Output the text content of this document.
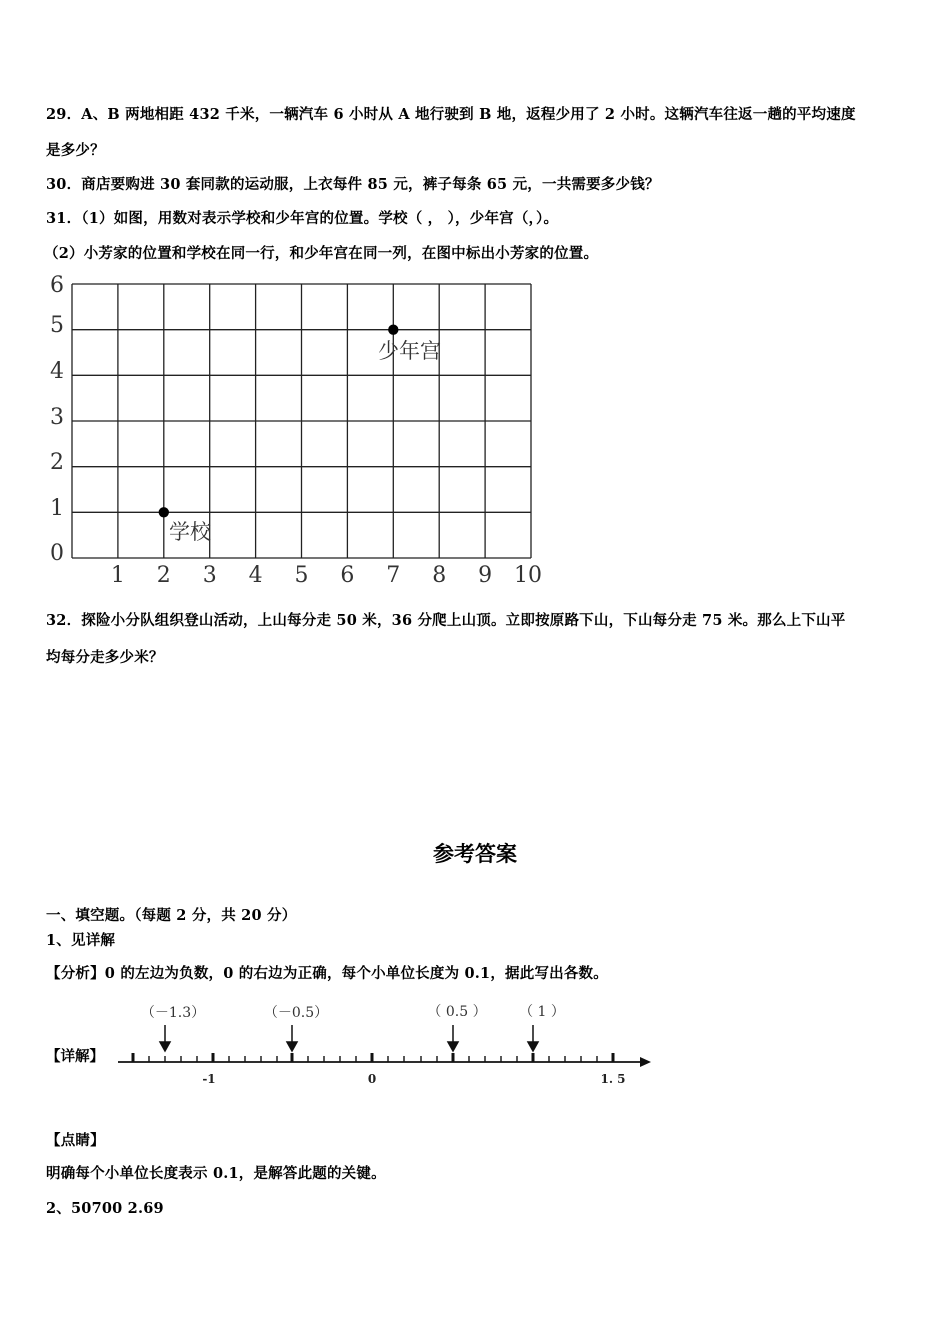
29．A、B 两地相距 432 千米，一辆汽车 6 小时从 A 地行驶到 B 地，返程少用了 2 小时。这辆汽车往返一趟的平均速度
是多少？
30．商店要购进 30 套同款的运动服，上衣每件 85 元，裤子每条 65 元，一共需要多少钱？
31．（1）如图，用数对表示学校和少年宫的位置。学校（ ， ），少年宫（，）。
（2）小芳家的位置和学校在同一行，和少年宫在同一列，在图中标出小芳家的位置。
1 2 3 4 5 6 7 8 9 10
0
1
2
3
4
5
6
学校
少年宫
32．探险小分队组织登山活动，上山每分走 50 米，36 分爬上山顶。立即按原路下山，下山每分走 75 米。那么上下山平
均每分走多少米？
参考答案
一、填空题。（每题 2 分，共 20 分）
1、见详解
【分析】0 的左边为负数，0 的右边为正确，每个小单位长度为 0.1，据此写出各数。
【详解】
-1	0	1. 5
（－1.3）	（－0.5）	（ 0.5 ） （ 1 ）
【点睛】
明确每个小单位长度表示 0.1，是解答此题的关键。
2、50700 2.69
